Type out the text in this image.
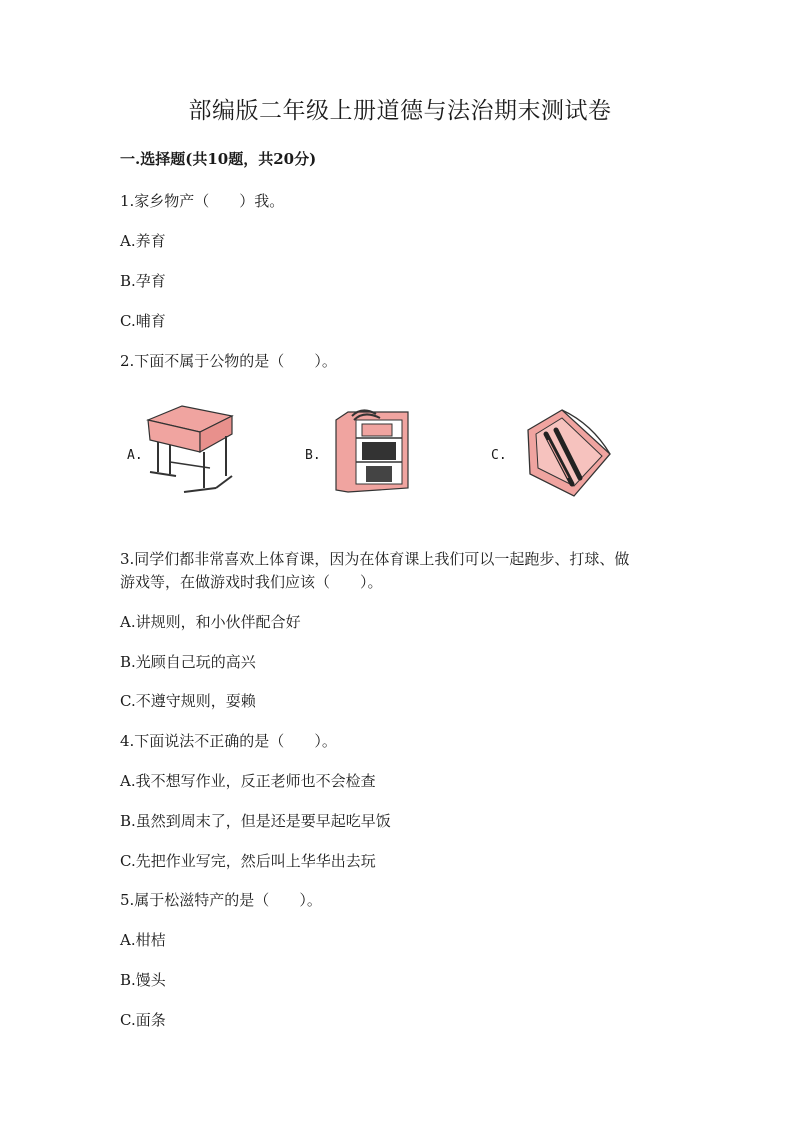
部编版二年级上册道德与法治期末测试卷
一.选择题(共10题，共20分)
1.家乡物产（　　）我。
A.养育
B.孕育
C.哺育
2.下面不属于公物的是（　　）。
A.	B.	C.
3.同学们都非常喜欢上体育课，因为在体育课上我们可以一起跑步、打球、做
游戏等，在做游戏时我们应该（　　）。
A.讲规则，和小伙伴配合好
B.光顾自己玩的高兴
C.不遵守规则，耍赖
4.下面说法不正确的是（　　）。
A.我不想写作业，反正老师也不会检查
B.虽然到周末了，但是还是要早起吃早饭
C.先把作业写完，然后叫上华华出去玩
5.属于松滋特产的是（　　）。
A.柑桔
B.馒头
C.面条
